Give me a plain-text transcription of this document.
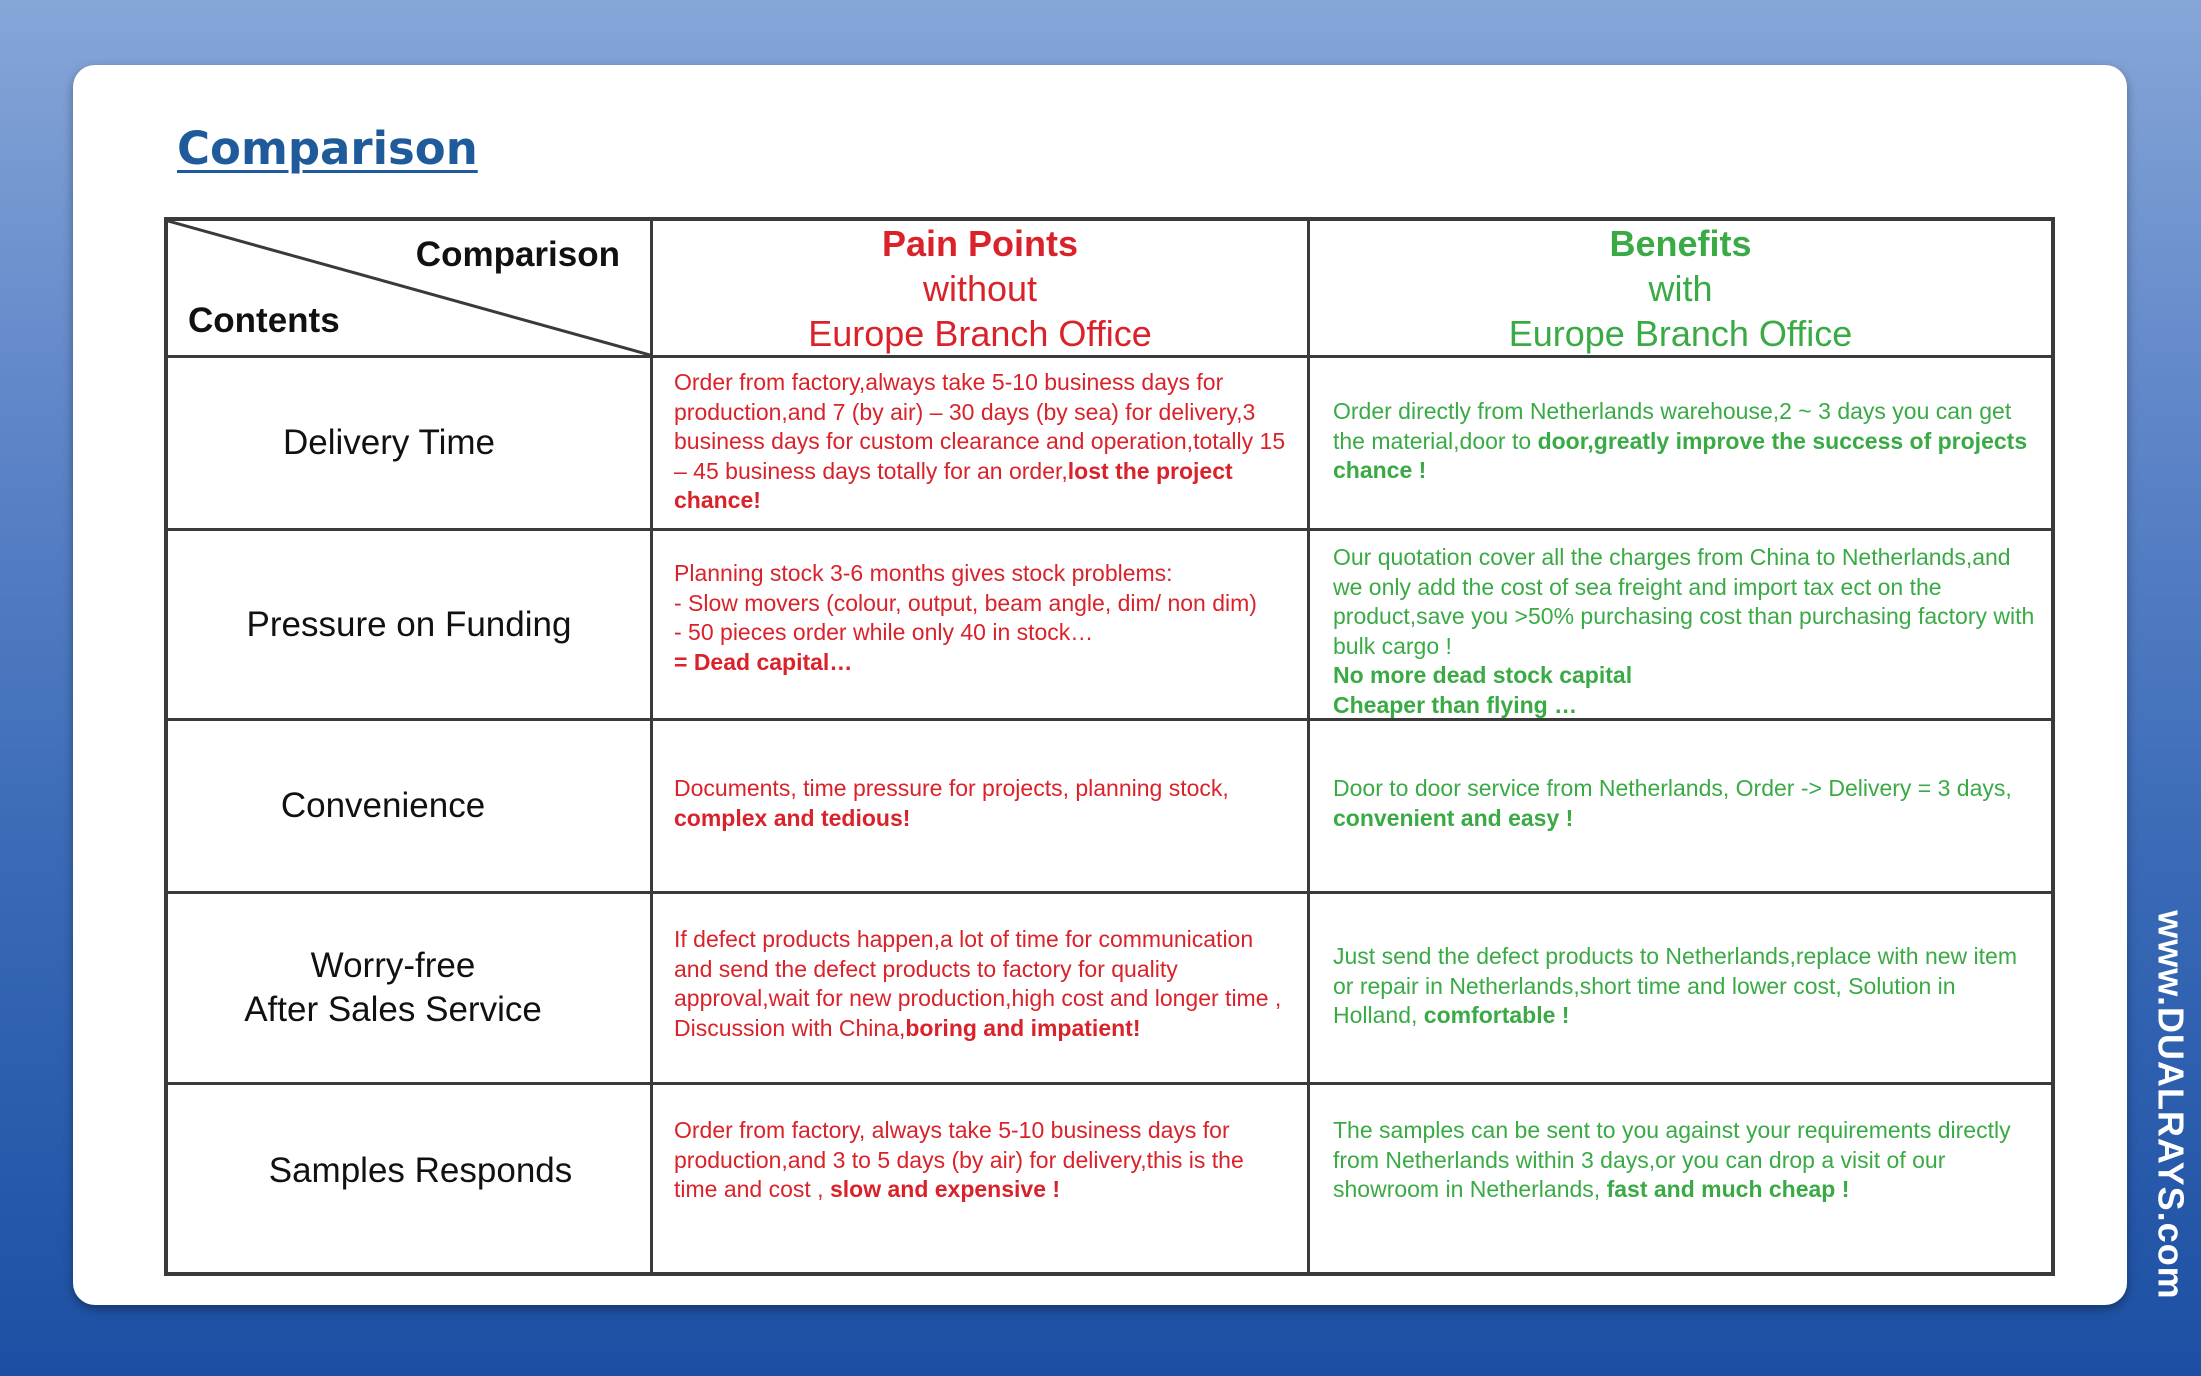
Comparison
Comparison
Contents
Pain Points
without
Europe Branch Office
Benefits
with
Europe Branch Office
Delivery Time
Order from factory,always take 5-10 business days for production,and 7 (by air) – 30 days (by sea) for delivery,3 business days for custom clearance and operation,totally 15 – 45 business days totally for an order,lost the project chance!
Order directly from Netherlands warehouse,2 ~ 3 days you can get the material,door to door,greatly improve the success of projects chance !
Pressure on Funding
Planning stock 3-6 months gives stock problems:
- Slow movers (colour, output, beam angle, dim/ non dim)
- 50 pieces order while only 40 in stock…
= Dead capital…
Our quotation cover all the charges from China to Netherlands,and we only add the cost of sea freight and import tax ect on the product,save you >50% purchasing cost than purchasing factory with bulk cargo !
No more dead stock capital
Cheaper than flying …
Convenience	Documents, time pressure for projects, planning stock, complex and tedious!
Door to door service from Netherlands, Order -> Delivery = 3 days, convenient and easy !
Worry-free
After Sales Service
If defect products happen,a lot of time for communication and send the defect products to factory for quality approval,wait for new production,high cost and longer time , Discussion with China,boring and impatient!
Just send the defect products to Netherlands,replace with new item or repair in Netherlands,short time and lower cost, Solution in Holland, comfortable !
Samples Responds
Order from factory, always take 5-10 business days for production,and 3 to 5 days (by air) for delivery,this is the time and cost , slow and expensive !
The samples can be sent to you against your requirements directly from Netherlands within 3 days,or you can drop a visit of our showroom in Netherlands, fast and much cheap !	www.DUALRAYS.com
